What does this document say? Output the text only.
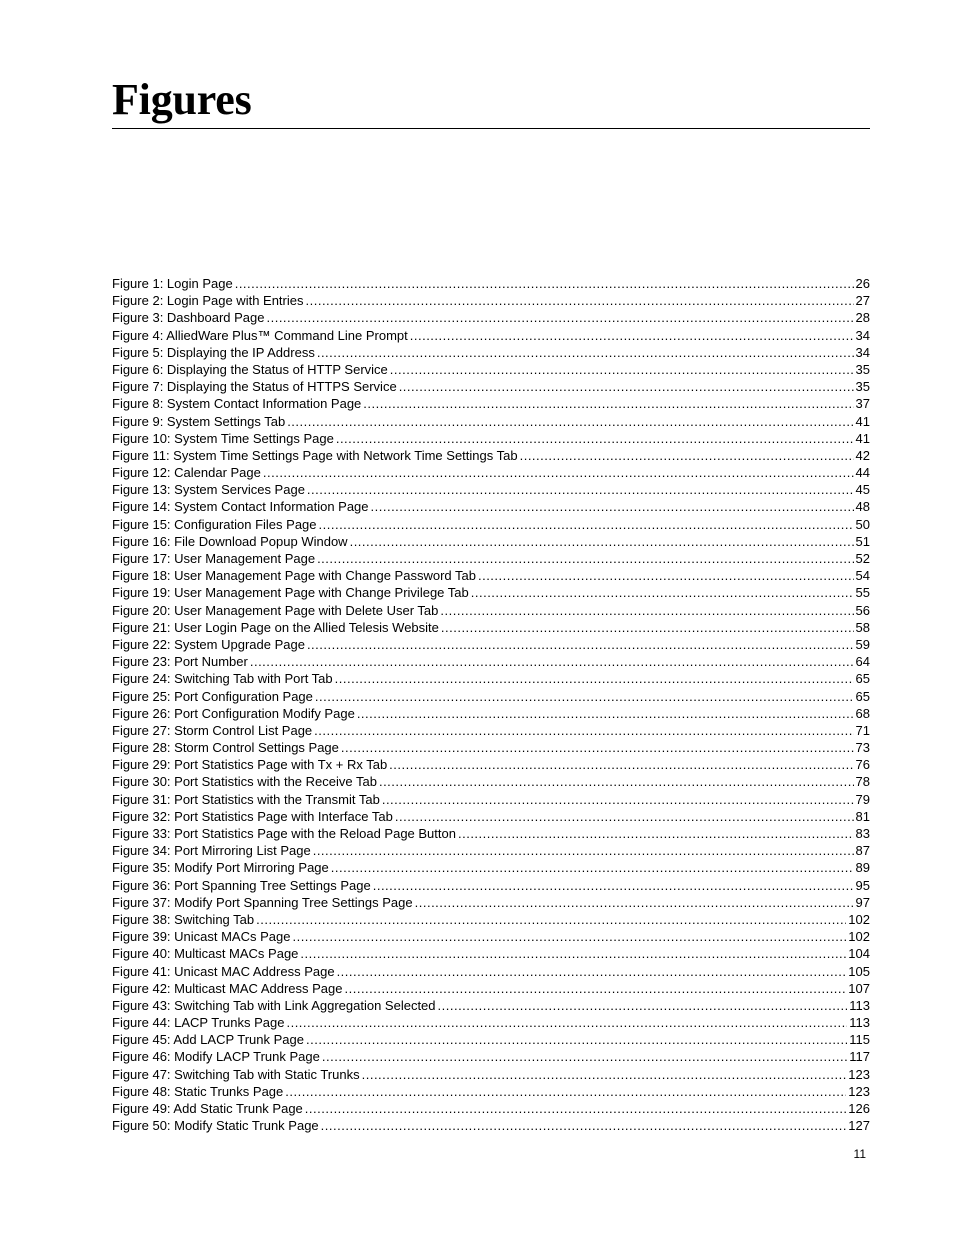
Figures
Figure 1: Login Page .....	26
Figure 2: Login Page with Entries .....	27
Figure 3: Dashboard Page .....	28
Figure 4: AlliedWare Plus™ Command Line Prompt .....	34
Figure 5: Displaying the IP Address .....	34
Figure 6: Displaying the Status of HTTP Service .....	35
Figure 7: Displaying the Status of HTTPS Service .....	35
Figure 8: System Contact Information Page .....	37
Figure 9: System Settings Tab .....	41
Figure 10: System Time Settings Page .....	41
Figure 11: System Time Settings Page with Network Time Settings Tab .....	42
Figure 12: Calendar Page .....	44
Figure 13: System Services Page .....	45
Figure 14: System Contact Information Page .....	48
Figure 15: Configuration Files Page .....	50
Figure 16: File Download Popup Window .....	51
Figure 17: User Management Page .....	52
Figure 18: User Management Page with Change Password Tab .....	54
Figure 19: User Management Page with Change Privilege Tab .....	55
Figure 20: User Management Page with Delete User Tab .....	56
Figure 21: User Login Page on the Allied Telesis Website .....	58
Figure 22: System Upgrade Page .....	59
Figure 23: Port Number .....	64
Figure 24: Switching Tab with Port Tab .....	65
Figure 25: Port Configuration Page .....	65
Figure 26: Port Configuration Modify Page .....	68
Figure 27: Storm Control List Page .....	71
Figure 28: Storm Control Settings Page .....	73
Figure 29: Port Statistics Page with Tx + Rx Tab .....	76
Figure 30: Port Statistics with the Receive Tab .....	78
Figure 31: Port Statistics with the Transmit Tab .....	79
Figure 32: Port Statistics Page with Interface Tab .....	81
Figure 33: Port Statistics Page with the Reload Page Button .....	83
Figure 34: Port Mirroring List Page .....	87
Figure 35: Modify Port Mirroring Page .....	89
Figure 36: Port Spanning Tree Settings Page .....	95
Figure 37: Modify Port Spanning Tree Settings Page .....	97
Figure 38: Switching Tab .....	102
Figure 39: Unicast MACs Page .....	102
Figure 40: Multicast MACs Page .....	104
Figure 41: Unicast MAC Address Page .....	105
Figure 42: Multicast MAC Address Page .....	107
Figure 43: Switching Tab with Link Aggregation Selected .....	113
Figure 44: LACP Trunks Page .....	113
Figure 45: Add LACP Trunk Page .....	115
Figure 46: Modify LACP Trunk Page .....	117
Figure 47: Switching Tab with Static Trunks .....	123
Figure 48: Static Trunks Page .....	123
Figure 49: Add Static Trunk Page .....	126
Figure 50: Modify Static Trunk Page .....	127
11
